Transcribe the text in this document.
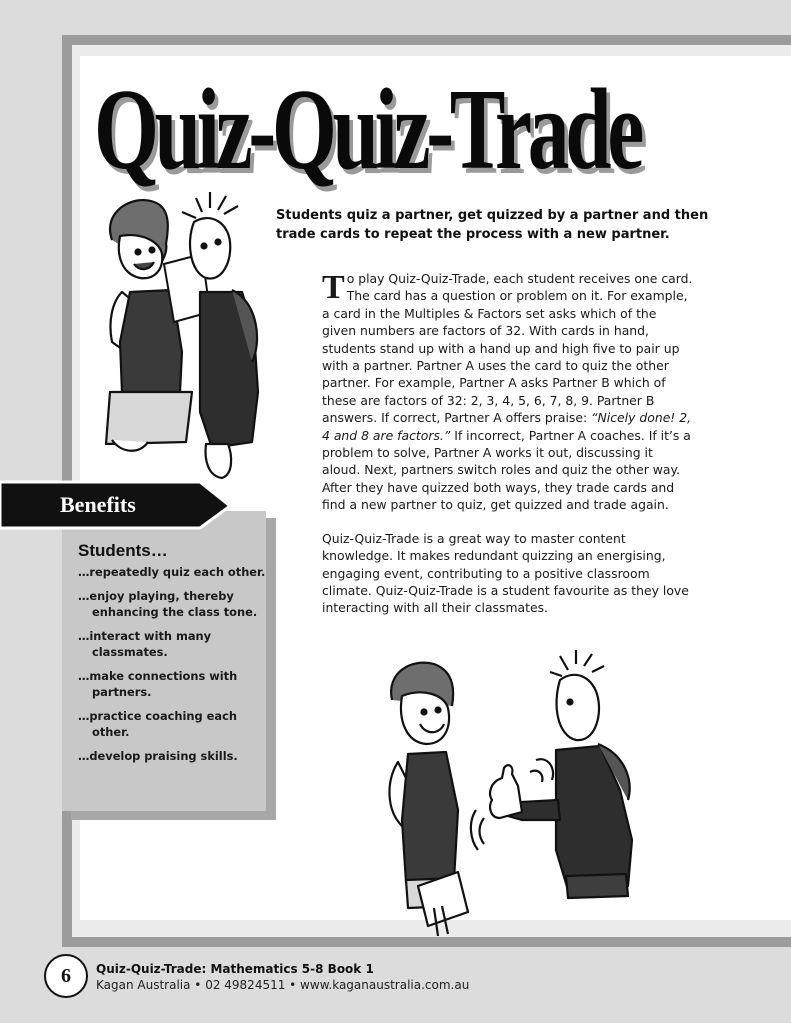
Quiz-Quiz-Trade
Students quiz a partner, get quizzed by a partner and then trade cards to repeat the process with a new partner.

To play Quiz-Quiz-Trade, each student receives one card. The card has a question or problem on it. For example, a card in the Multiples & Factors set asks which of the given numbers are factors of 32. With cards in hand, students stand up with a hand up and high five to pair up with a partner. Partner A uses the card to quiz the other partner. For example, Partner A asks Partner B which of these are factors of 32: 2, 3, 4, 5, 6, 7, 8, 9. Partner B answers. If correct, Partner A offers praise: “Nicely done! 2, 4 and 8 are factors.” If incorrect, Partner A coaches. If it’s a problem to solve, Partner A works it out, discussing it aloud. Next, partners switch roles and quiz the other way. After they have quizzed both ways, they trade cards and find a new partner to quiz, get quizzed and trade again.

Quiz-Quiz-Trade is a great way to master content knowledge. It makes redundant quizzing an energising, engaging event, contributing to a positive classroom climate. Quiz-Quiz-Trade is a student favourite as they love interacting with all their classmates.

Benefits
Students…
…repeatedly quiz each other.
…enjoy playing, thereby enhancing the class tone.
…interact with many classmates.
…make connections with partners.
…practice coaching each other.
…develop praising skills.
6	Quiz-Quiz-Trade: Mathematics 5-8 Book 1
Kagan Australia • 02 49824511 • www.kaganaustralia.com.au
